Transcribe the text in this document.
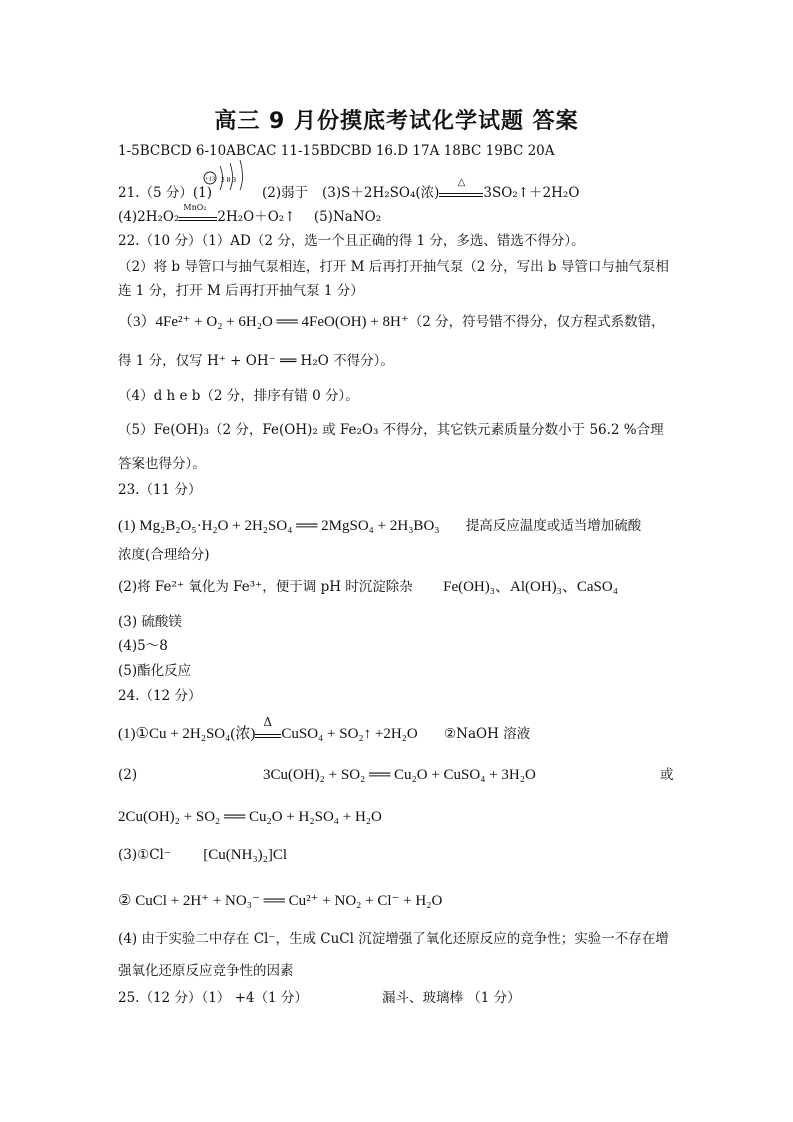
高三 9 月份摸底考试化学试题 答案
1-5BCBCD 6-10ABCAC 11-15BDCBD 16.D 17A 18BC 19BC 20A
21.（5 分）(1)
+13 2 8 3
(2)弱于 (3)S＋2H₂SO₄(浓)
△
3SO₂↑＋2H₂O
(4)2H₂O₂
MnO₂
2H₂O＋O₂↑ (5)NaNO₂
22.（10 分）（1）AD（2 分，选一个且正确的得 1 分，多选、错选不得分）。
（2）将 b 导管口与抽气泵相连，打开 M 后再打开抽气泵（2 分，写出 b 导管口与抽气泵相
连 1 分，打开 M 后再打开抽气泵 1 分）
（3）4Fe²⁺ + O₂ + 6H₂O ══ 4FeO(OH) + 8H⁺（2 分，符号错不得分，仅方程式系数错，
得 1 分，仅写 H⁺ + OH⁻ ══ H₂O 不得分）。
（4）d h e b（2 分，排序有错 0 分）。
（5）Fe(OH)₃（2 分，Fe(OH)₂ 或 Fe₂O₃ 不得分，其它铁元素质量分数小于 56.2 %合理
答案也得分）。
23.（11 分）
(1) Mg₂B₂O₅·H₂O + 2H₂SO₄ ══ 2MgSO₄ + 2H₃BO₃ 提高反应温度或适当增加硫酸
浓度(合理给分)
(2)将 Fe²⁺ 氧化为 Fe³⁺，便于调 pH 时沉淀除杂 Fe(OH)₃、Al(OH)₃、CaSO₄
(3) 硫酸镁
(4)5～8
(5)酯化反应
24.（12 分）
(1)①Cu + 2H₂SO₄(浓)
Δ
CuSO₄ + SO₂↑ +2H₂O ②NaOH 溶液
(2)	3Cu(OH)₂ + SO₂ ══ Cu₂O + CuSO₄ + 3H₂O	或
2Cu(OH)₂ + SO₂ ══ Cu₂O + H₂SO₄ + H₂O
(3)①Cl⁻ [Cu(NH₃)₂]Cl
② CuCl + 2H⁺ + NO₃⁻ ══ Cu²⁺ + NO₂ + Cl⁻ + H₂O
(4) 由于实验二中存在 Cl⁻，生成 CuCl 沉淀增强了氧化还原反应的竞争性；实验一不存在增
强氧化还原反应竞争性的因素
25.（12 分）（1） +4（1 分）	漏斗、玻璃棒 （1 分）
